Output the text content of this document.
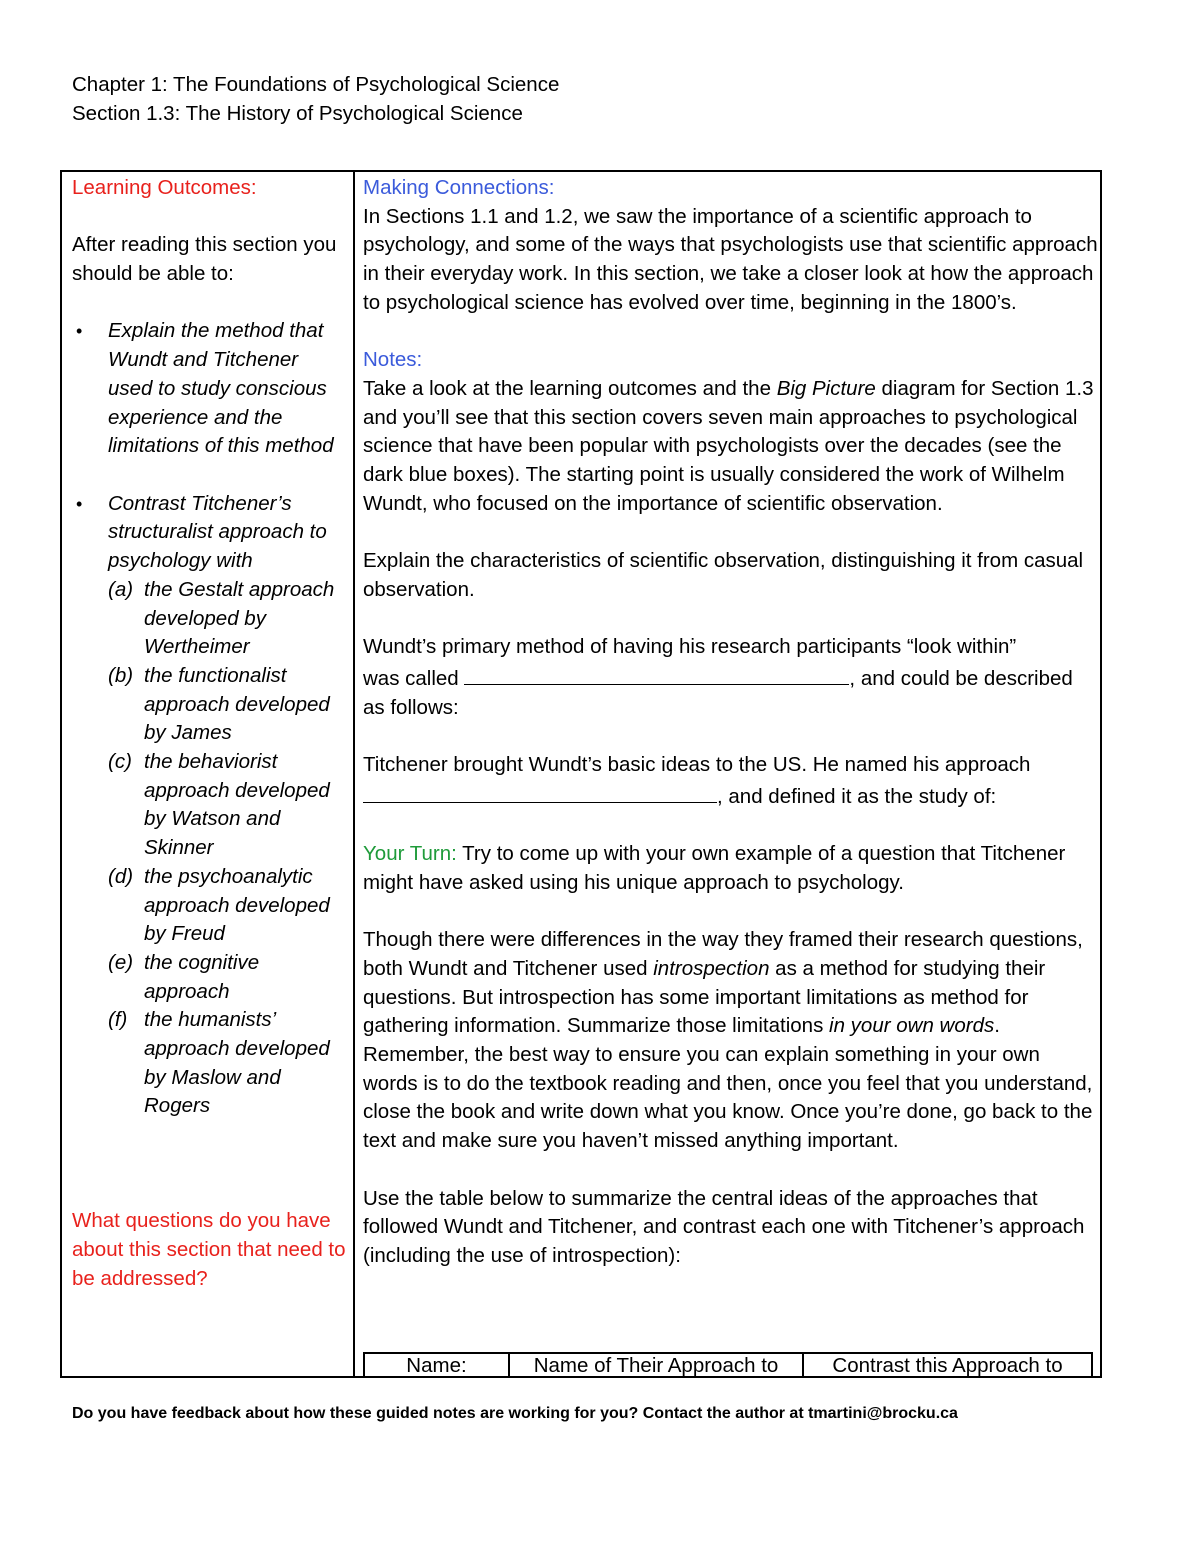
Chapter 1: The Foundations of Psychological Science
Section 1.3: The History of Psychological Science

Learning Outcomes:

After reading this section you should be able to:

• Explain the method that Wundt and Titchener used to study conscious experience and the limitations of this method
• Contrast Titchener’s structuralist approach to psychology with
(a) the Gestalt approach developed by Wertheimer
(b) the functionalist approach developed by James
(c) the behaviorist approach developed by Watson and Skinner
(d) the psychoanalytic approach developed by Freud
(e) the cognitive approach
(f) the humanists’ approach developed by Maslow and Rogers

What questions do you have about this section that need to be addressed?

Making Connections:

In Sections 1.1 and 1.2, we saw the importance of a scientific approach to psychology, and some of the ways that psychologists use that scientific approach in their everyday work. In this section, we take a closer look at how the approach to psychological science has evolved over time, beginning in the 1800’s.

Notes:

Take a look at the learning outcomes and the Big Picture diagram for Section 1.3 and you’ll see that this section covers seven main approaches to psychological science that have been popular with psychologists over the decades (see the dark blue boxes). The starting point is usually considered the work of Wilhelm Wundt, who focused on the importance of scientific observation.

Explain the characteristics of scientific observation, distinguishing it from casual observation.

Wundt’s primary method of having his research participants “look within”
was called	, and could be described as follows:

Titchener brought Wundt’s basic ideas to the US. He named his approach
, and defined it as the study of:

Your Turn: Try to come up with your own example of a question that Titchener might have asked using his unique approach to psychology.

Though there were differences in the way they framed their research questions, both Wundt and Titchener used introspection as a method for studying their questions. But introspection has some important limitations as method for gathering information. Summarize those limitations in your own words. Remember, the best way to ensure you can explain something in your own words is to do the textbook reading and then, once you feel that you understand, close the book and write down what you know. Once you’re done, go back to the text and make sure you haven’t missed anything important.

Use the table below to summarize the central ideas of the approaches that followed Wundt and Titchener, and contrast each one with Titchener’s approach (including the use of introspection):

Name:	Name of Their Approach to	Contrast this Approach to
Do you have feedback about how these guided notes are working for you? Contact the author at tmartini@brocku.ca
